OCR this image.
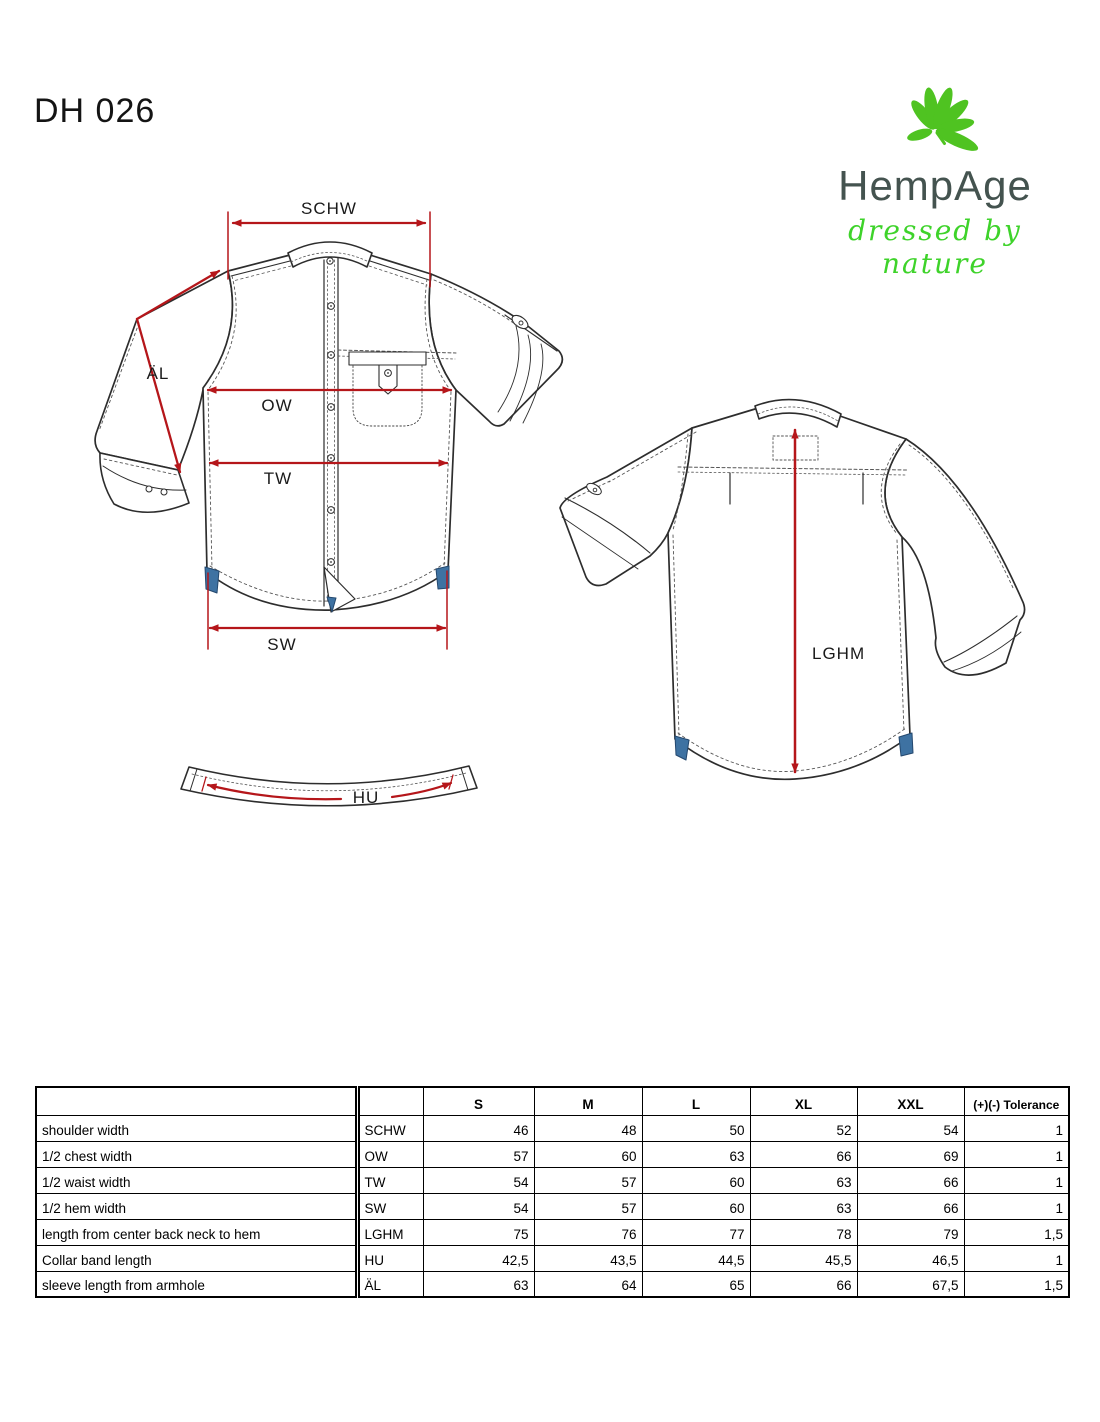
DH 026
HempAge
dressed by nature
SCHW
ÄL
OW
TW
SW	LGHM
HU
		S	M	L	XL	XXL	(+)(-) Tolerance
shoulder width	SCHW	46	48	50	52	54	1
1/2 chest width	OW	57	60	63	66	69	1
1/2 waist width	TW	54	57	60	63	66	1
1/2 hem width	SW	54	57	60	63	66	1
length from center back neck to hem	LGHM	75	76	77	78	79	1,5
Collar band length	HU	42,5	43,5	44,5	45,5	46,5	1
sleeve length from armhole	ÄL	63	64	65	66	67,5	1,5
